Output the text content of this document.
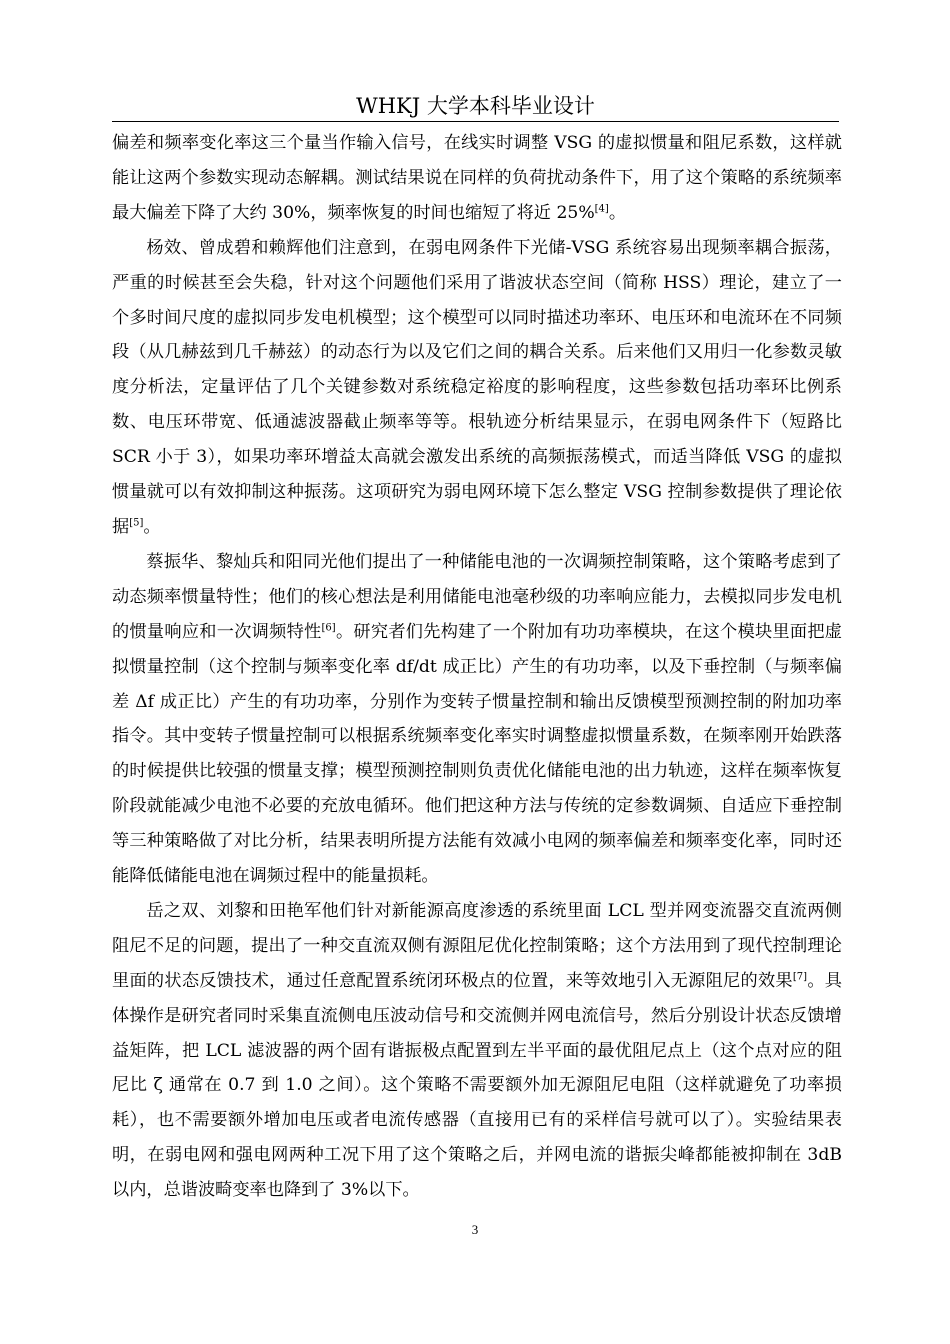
WHKJ 大学本科毕业设计

偏差和频率变化率这三个量当作输入信号，在线实时调整 VSG 的虚拟惯量和阻尼系数，这样就能让这两个参数实现动态解耦。测试结果说在同样的负荷扰动条件下，用了这个策略的系统频率最大偏差下降了大约 30%，频率恢复的时间也缩短了将近 25%[4]。

杨效、曾成碧和赖辉他们注意到，在弱电网条件下光储-VSG 系统容易出现频率耦合振荡，严重的时候甚至会失稳，针对这个问题他们采用了谐波状态空间（简称 HSS）理论，建立了一个多时间尺度的虚拟同步发电机模型；这个模型可以同时描述功率环、电压环和电流环在不同频段（从几赫兹到几千赫兹）的动态行为以及它们之间的耦合关系。后来他们又用归一化参数灵敏度分析法，定量评估了几个关键参数对系统稳定裕度的影响程度，这些参数包括功率环比例系数、电压环带宽、低通滤波器截止频率等等。根轨迹分析结果显示，在弱电网条件下（短路比 SCR 小于 3），如果功率环增益太高就会激发出系统的高频振荡模式，而适当降低 VSG 的虚拟惯量就可以有效抑制这种振荡。这项研究为弱电网环境下怎么整定 VSG 控制参数提供了理论依据[5]。

蔡振华、黎灿兵和阳同光他们提出了一种储能电池的一次调频控制策略，这个策略考虑到了动态频率惯量特性；他们的核心想法是利用储能电池毫秒级的功率响应能力，去模拟同步发电机的惯量响应和一次调频特性[6]。研究者们先构建了一个附加有功功率模块，在这个模块里面把虚拟惯量控制（这个控制与频率变化率 df/dt 成正比）产生的有功功率，以及下垂控制（与频率偏差 Δf 成正比）产生的有功功率，分别作为变转子惯量控制和输出反馈模型预测控制的附加功率指令。其中变转子惯量控制可以根据系统频率变化率实时调整虚拟惯量系数，在频率刚开始跌落的时候提供比较强的惯量支撑；模型预测控制则负责优化储能电池的出力轨迹，这样在频率恢复阶段就能减少电池不必要的充放电循环。他们把这种方法与传统的定参数调频、自适应下垂控制等三种策略做了对比分析，结果表明所提方法能有效减小电网的频率偏差和频率变化率，同时还能降低储能电池在调频过程中的能量损耗。

岳之双、刘黎和田艳军他们针对新能源高度渗透的系统里面 LCL 型并网变流器交直流两侧阻尼不足的问题，提出了一种交直流双侧有源阻尼优化控制策略；这个方法用到了现代控制理论里面的状态反馈技术，通过任意配置系统闭环极点的位置，来等效地引入无源阻尼的效果[7]。具体操作是研究者同时采集直流侧电压波动信号和交流侧并网电流信号，然后分别设计状态反馈增益矩阵，把 LCL 滤波器的两个固有谐振极点配置到左半平面的最优阻尼点上（这个点对应的阻尼比 ζ 通常在 0.7 到 1.0 之间）。这个策略不需要额外加无源阻尼电阻（这样就避免了功率损耗），也不需要额外增加电压或者电流传感器（直接用已有的采样信号就可以了）。实验结果表明，在弱电网和强电网两种工况下用了这个策略之后，并网电流的谐振尖峰都能被抑制在 3dB 以内，总谐波畸变率也降到了 3%以下。

3
